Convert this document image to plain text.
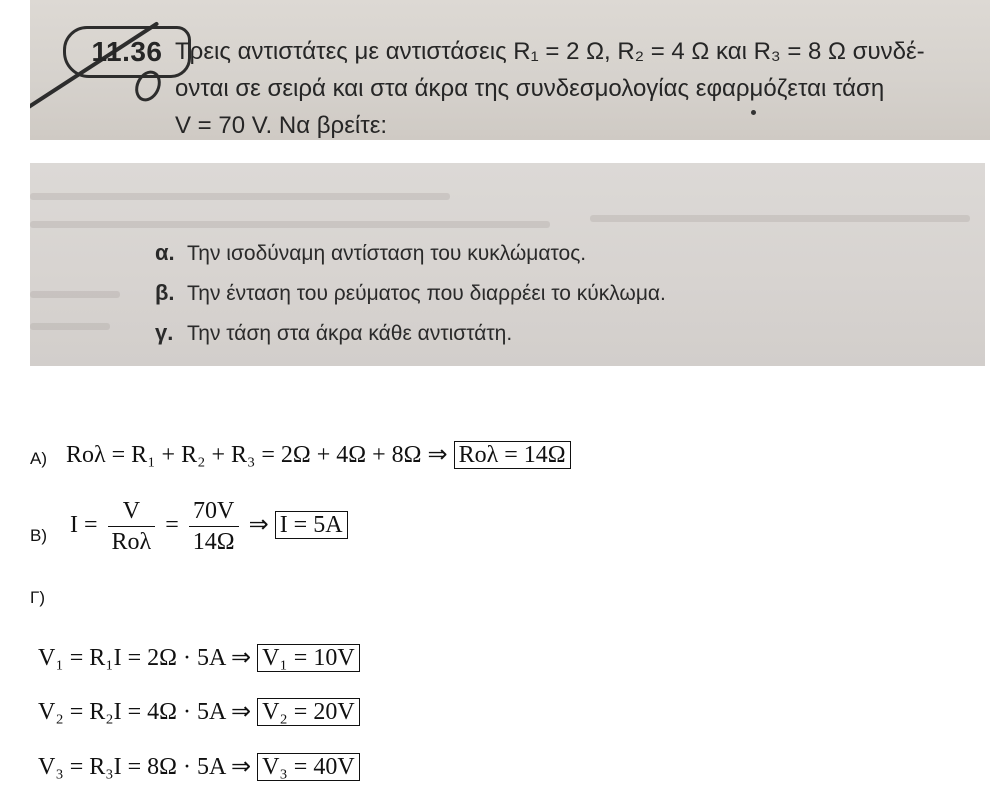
11.36 Τρεις αντιστάτες με αντιστάσεις R₁ = 2 Ω, R₂ = 4 Ω και R₃ = 8 Ω συνδέ-
ονται σε σειρά και στα άκρα της συνδεσμολογίας εφαρμόζεται τάση
V = 70 V. Να βρείτε:
α. Την ισοδύναμη αντίσταση του κυκλώματος.
β. Την ένταση του ρεύματος που διαρρέει το κύκλωμα.
γ. Την τάση στα άκρα κάθε αντιστάτη.
A) Roλ = R₁ + R₂ + R₃ = 2Ω + 4Ω + 8Ω ⇒ Roλ = 14Ω
B) $I = \frac{V}{\text{Roλ}} = \frac{70V}{14\Omega}$ ⇒ I = 5A
Γ)
V₁ = R₁I = 2Ω · 5A ⇒ V₁ = 10V
V₂ = R₂I = 4Ω · 5A ⇒ V₂ = 20V
V₃ = R₃I = 8Ω · 5A ⇒ V₃ = 40V
